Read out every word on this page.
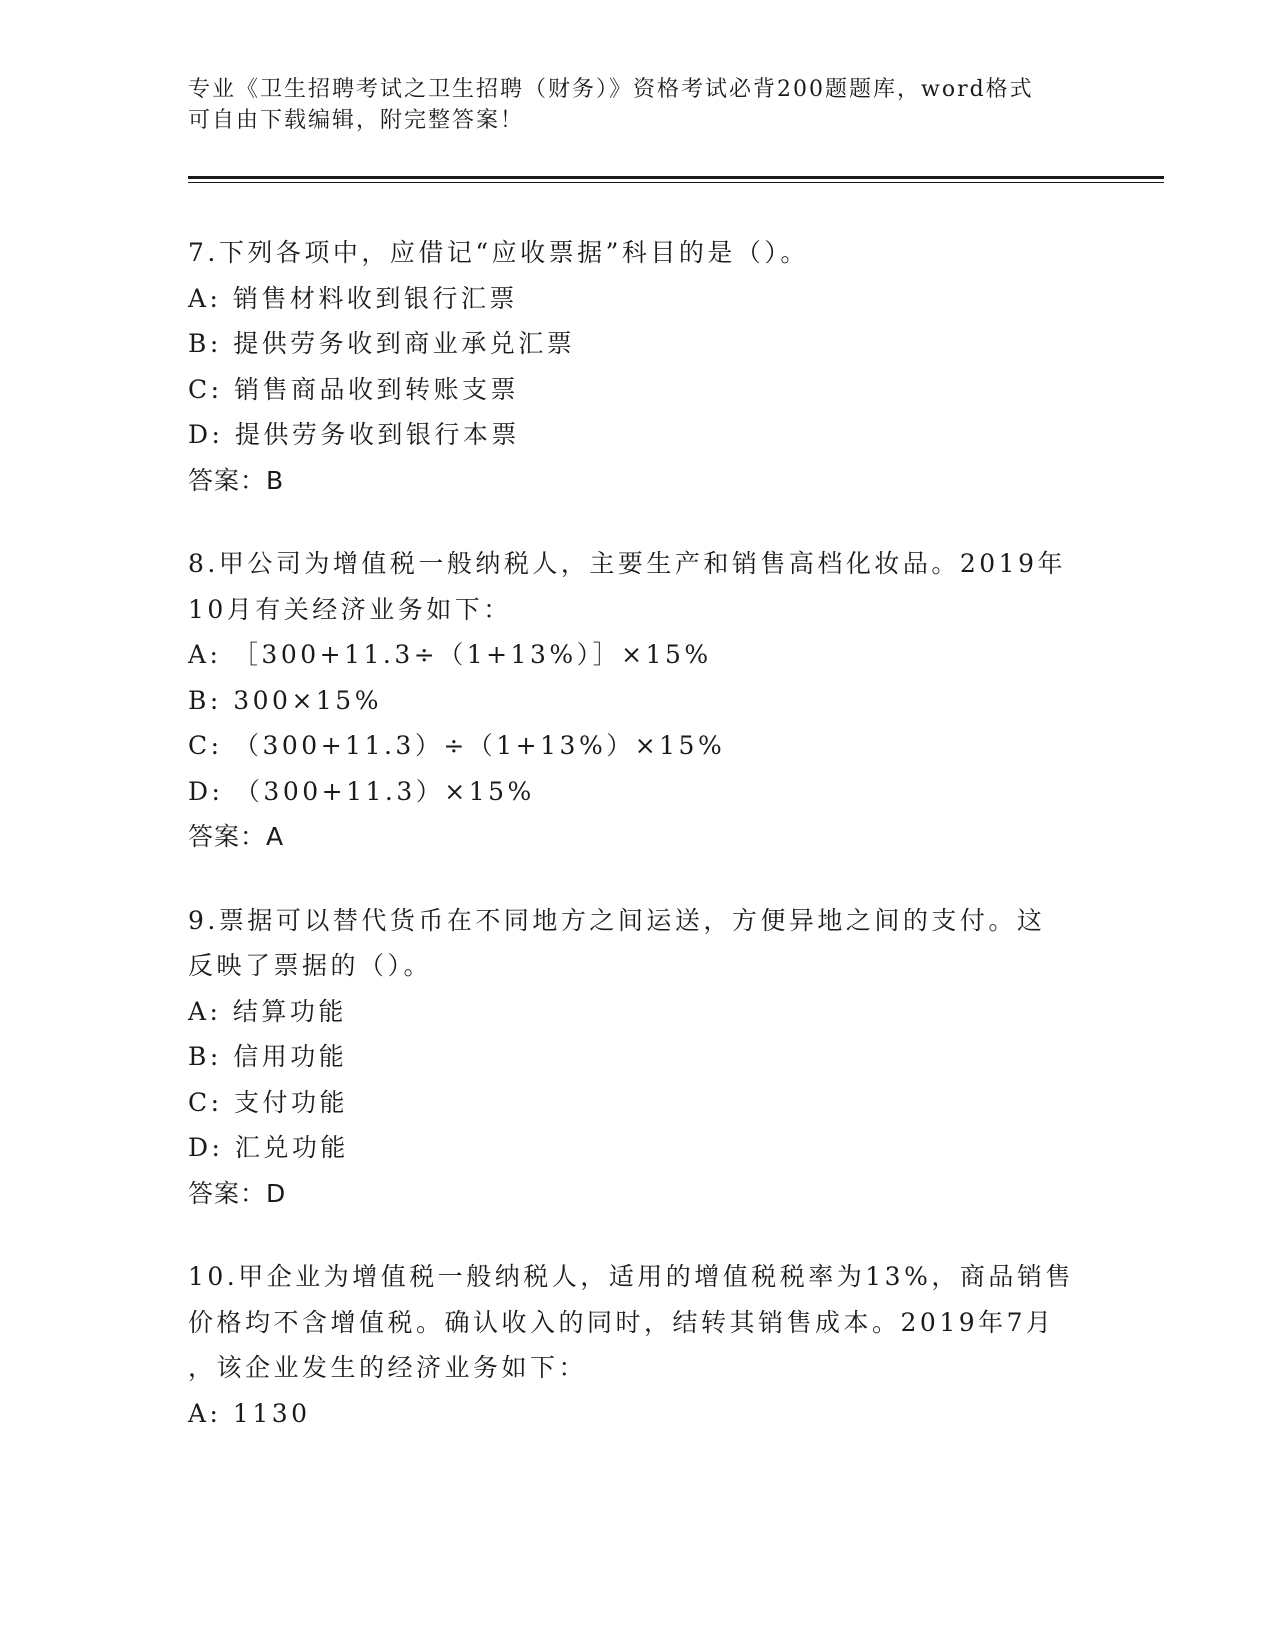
专业《卫生招聘考试之卫生招聘（财务）》资格考试必背200题题库，word格式
可自由下载编辑，附完整答案！
7.下列各项中，应借记“应收票据”科目的是（）。
A: 销售材料收到银行汇票
B: 提供劳务收到商业承兑汇票
C: 销售商品收到转账支票
D: 提供劳务收到银行本票
答案：B
8.甲公司为增值税一般纳税人，主要生产和销售高档化妆品。2019年
10月有关经济业务如下：
A: ［300+11.3÷（1+13%）］×15%
B: 300×15%
C: （300+11.3）÷（1+13%）×15%
D: （300+11.3）×15%
答案：A
9.票据可以替代货币在不同地方之间运送，方便异地之间的支付。这
反映了票据的（）。
A: 结算功能
B: 信用功能
C: 支付功能
D: 汇兑功能
答案：D
10.甲企业为增值税一般纳税人，适用的增值税税率为13%，商品销售
价格均不含增值税。确认收入的同时，结转其销售成本。2019年7月
，该企业发生的经济业务如下：
A: 1130
